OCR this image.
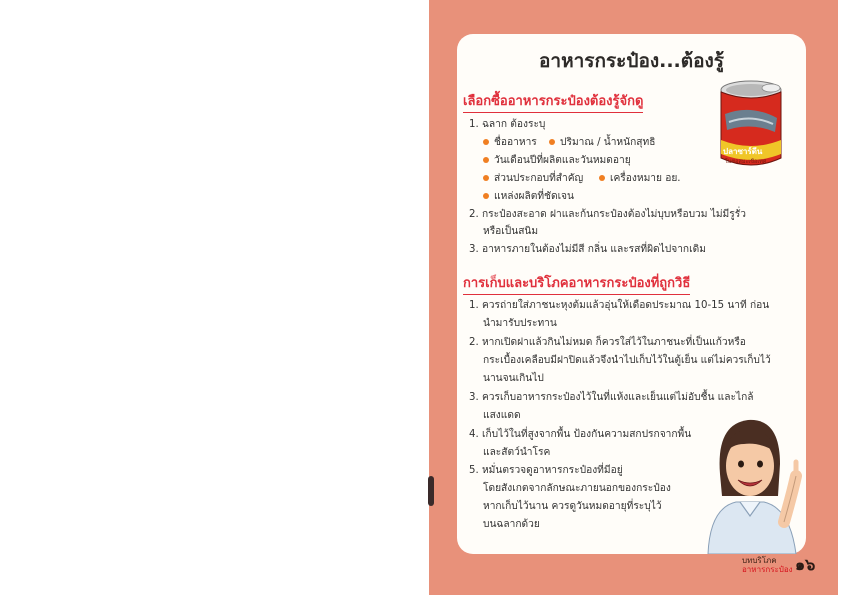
อาหารกระป๋อง...ต้องรู้
ปลาซาร์ดีน
ในซอสมะเขือเทศ
เลือกซื้ออาหารกระป๋องต้องรู้จักดู
1. ฉลาก ต้องระบุ
ชื่ออาหาร	ปริมาณ / น้ำหนักสุทธิ
วันเดือนปีที่ผลิตและวันหมดอายุ
ส่วนประกอบที่สำคัญ	เครื่องหมาย อย.
แหล่งผลิตที่ชัดเจน
2. กระป๋องสะอาด ฝาและก้นกระป๋องต้องไม่บุบหรือบวม ไม่มีรูรั่ว
หรือเป็นสนิม
3. อาหารภายในต้องไม่มีสี กลิ่น และรสที่ผิดไปจากเดิม
การเก็บและบริโภคอาหารกระป๋องที่ถูกวิธี
1. ควรถ่ายใส่ภาชนะหุงต้มแล้วอุ่นให้เดือดประมาณ 10-15 นาที ก่อน
นำมารับประทาน
2. หากเปิดฝาแล้วกินไม่หมด ก็ควรใส่ไว้ในภาชนะที่เป็นแก้วหรือ
กระเบื้องเคลือบมีฝาปิดแล้วจึงนำไปเก็บไว้ในตู้เย็น แต่ไม่ควรเก็บไว้
นานจนเกินไป
3. ควรเก็บอาหารกระป๋องไว้ในที่แห้งและเย็นแต่ไม่อับชื้น และไกล้
แสงแดด
4. เก็บไว้ในที่สูงจากพื้น ป้องกันความสกปรกจากพื้น
และสัตว์นำโรค
5. หมั่นตรวจดูอาหารกระป๋องที่มีอยู่
โดยสังเกตจากลักษณะภายนอกของกระป๋อง
หากเก็บไว้นาน ควรดูวันหมดอายุที่ระบุไว้
บนฉลากด้วย
บทบริโภค
อาหารกระป๋อง ๑๖
